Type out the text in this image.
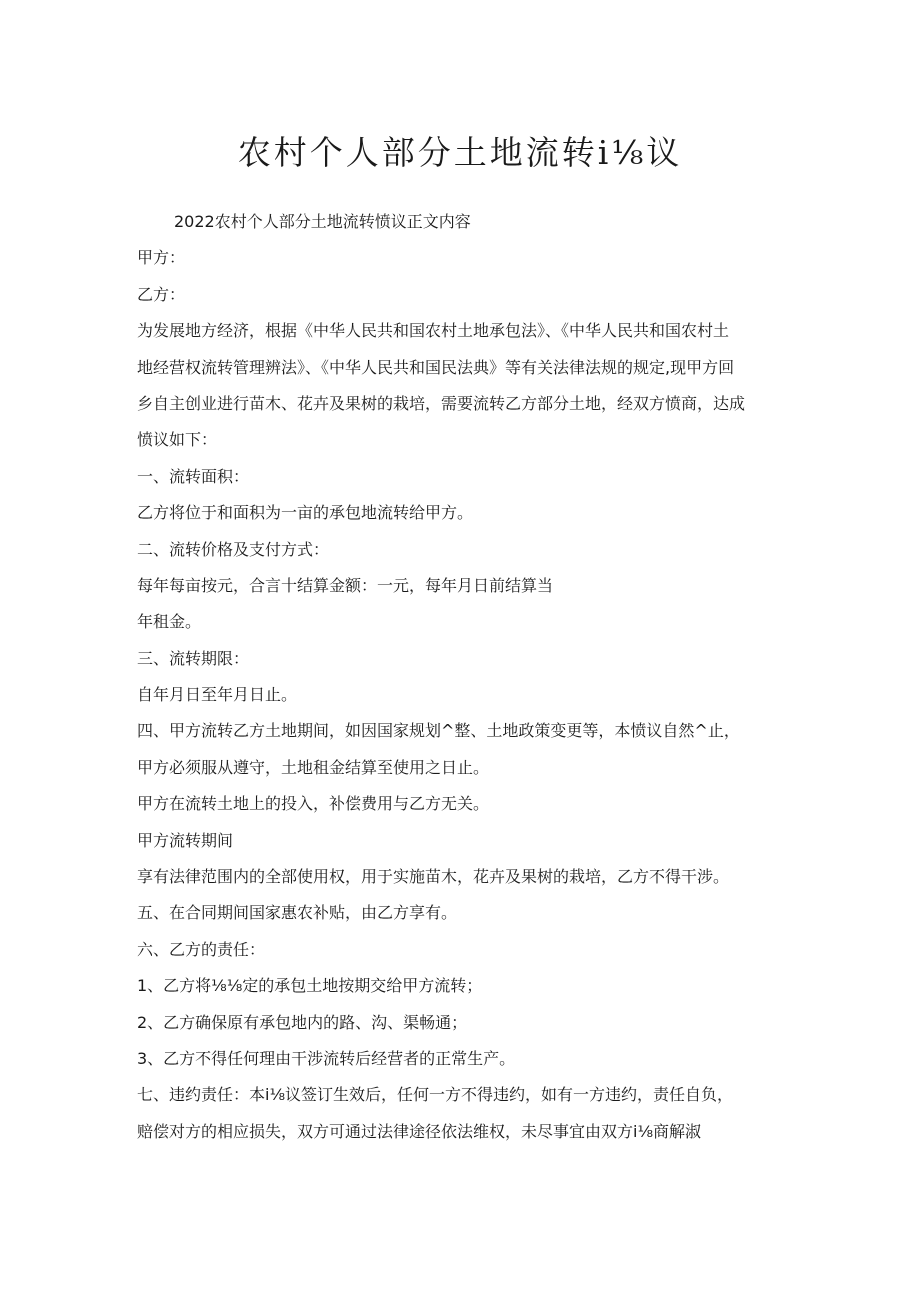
农村个人部分土地流转i⅛议
2022农村个人部分土地流转愤议正文内容
甲方：
乙方：
为发展地方经济，根据《中华人民共和国农村土地承包法》、《中华人民共和国农村土
地经营权流转管理辨法》、《中华人民共和国民法典》等有关法律法规的规定,现甲方回
乡自主创业进行苗木、花卉及果树的栽培，需要流转乙方部分土地，经双方愤商，达成
愤议如下：
一、流转面积：
乙方将位于和面积为一亩的承包地流转给甲方。
二、流转价格及支付方式：
每年每亩按元，合言十结算金额：一元，每年月日前结算当
年租金。
三、流转期限：
自年月日至年月日止。
四、甲方流转乙方土地期间，如因国家规划^整、土地政策变更等，本愤议自然^止，
甲方必须服从遵守，土地租金结算至使用之日止。
甲方在流转土地上的投入，补偿费用与乙方无关。
甲方流转期间
享有法律范围内的全部使用权，用于实施苗木，花卉及果树的栽培，乙方不得干涉。
五、在合同期间国家惠农补贴，由乙方享有。
六、乙方的责任：
1、乙方将⅛⅛定的承包土地按期交给甲方流转；
2、乙方确保原有承包地内的路、沟、渠畅通；
3、乙方不得任何理由干涉流转后经营者的正常生产。
七、违约责任：本i⅛议签订生效后，任何一方不得违约，如有一方违约，责任自负，
赔偿对方的相应损失，双方可通过法律途径依法维权，未尽事宜由双方i⅛商解淑
